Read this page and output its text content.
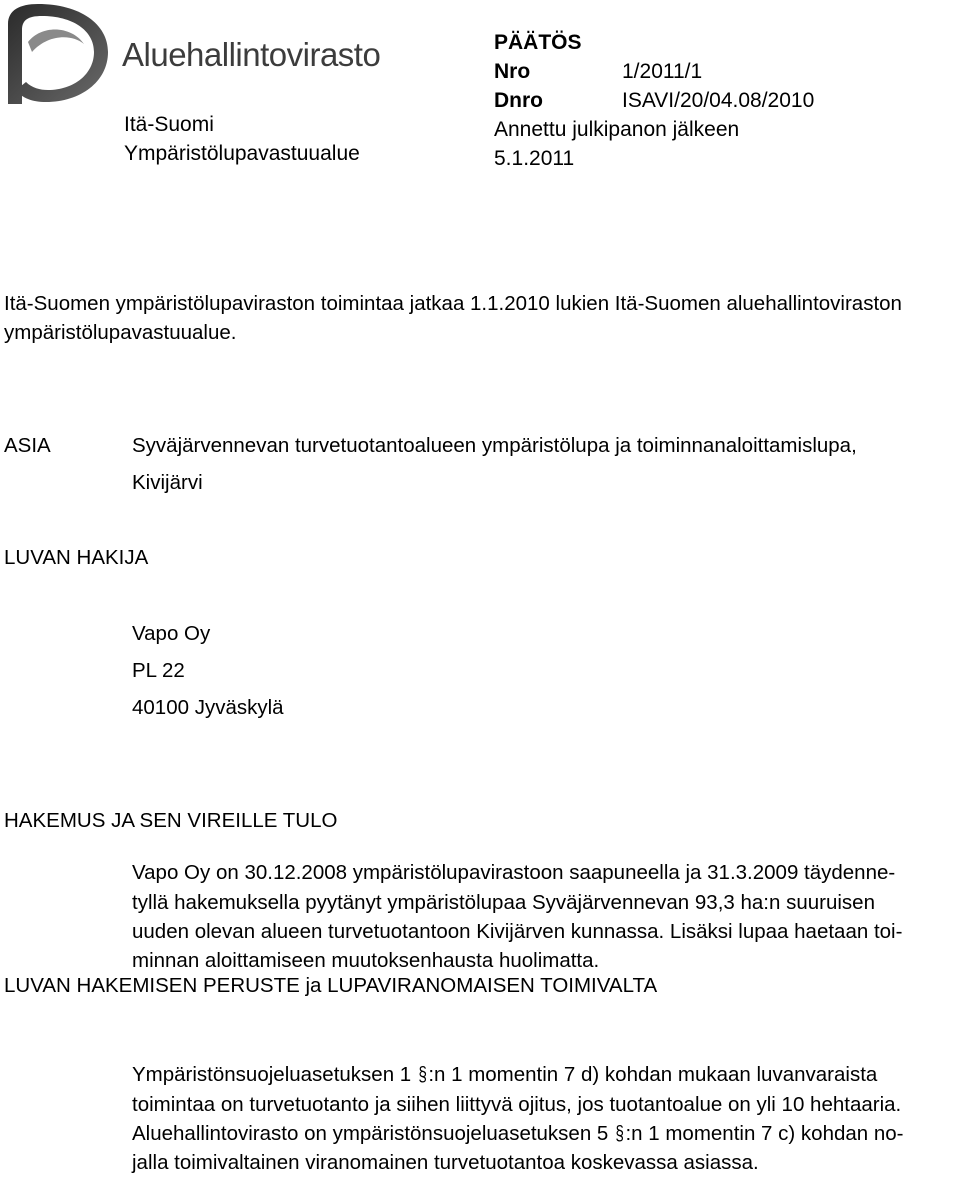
Aluehallintovirasto
Itä-Suomi
Ympäristölupavastuualue
PÄÄTÖS
Nro	1/2011/1
Dnro	ISAVI/20/04.08/2010
Annettu julkipanon jälkeen
5.1.2011
Itä-Suomen ympäristölupaviraston toimintaa jatkaa 1.1.2010 lukien Itä-Suomen aluehallintoviraston
ympäristölupavastuualue.
ASIA	Syväjärvennevan turvetuotantoalueen ympäristölupa ja toiminnanaloittamislupa,
Kivijärvi
LUVAN HAKIJA
Vapo Oy
PL 22
40100 Jyväskylä
HAKEMUS JA SEN VIREILLE TULO
Vapo Oy on 30.12.2008 ympäristölupavirastoon saapuneella ja 31.3.2009 täydenne-
tyllä hakemuksella pyytänyt ympäristölupaa Syväjärvennevan 93,3 ha:n suuruisen
uuden olevan alueen turvetuotantoon Kivijärven kunnassa. Lisäksi lupaa haetaan toi-
minnan aloittamiseen muutoksenhausta huolimatta.
LUVAN HAKEMISEN PERUSTE ja LUPAVIRANOMAISEN TOIMIVALTA
Ympäristönsuojeluasetuksen 1 §:n 1 momentin 7 d) kohdan mukaan luvanvaraista
toimintaa on turvetuotanto ja siihen liittyvä ojitus, jos tuotantoalue on yli 10 hehtaaria.
Aluehallintovirasto on ympäristönsuojeluasetuksen 5 §:n 1 momentin 7 c) kohdan no-
jalla toimivaltainen viranomainen turvetuotantoa koskevassa asiassa.
